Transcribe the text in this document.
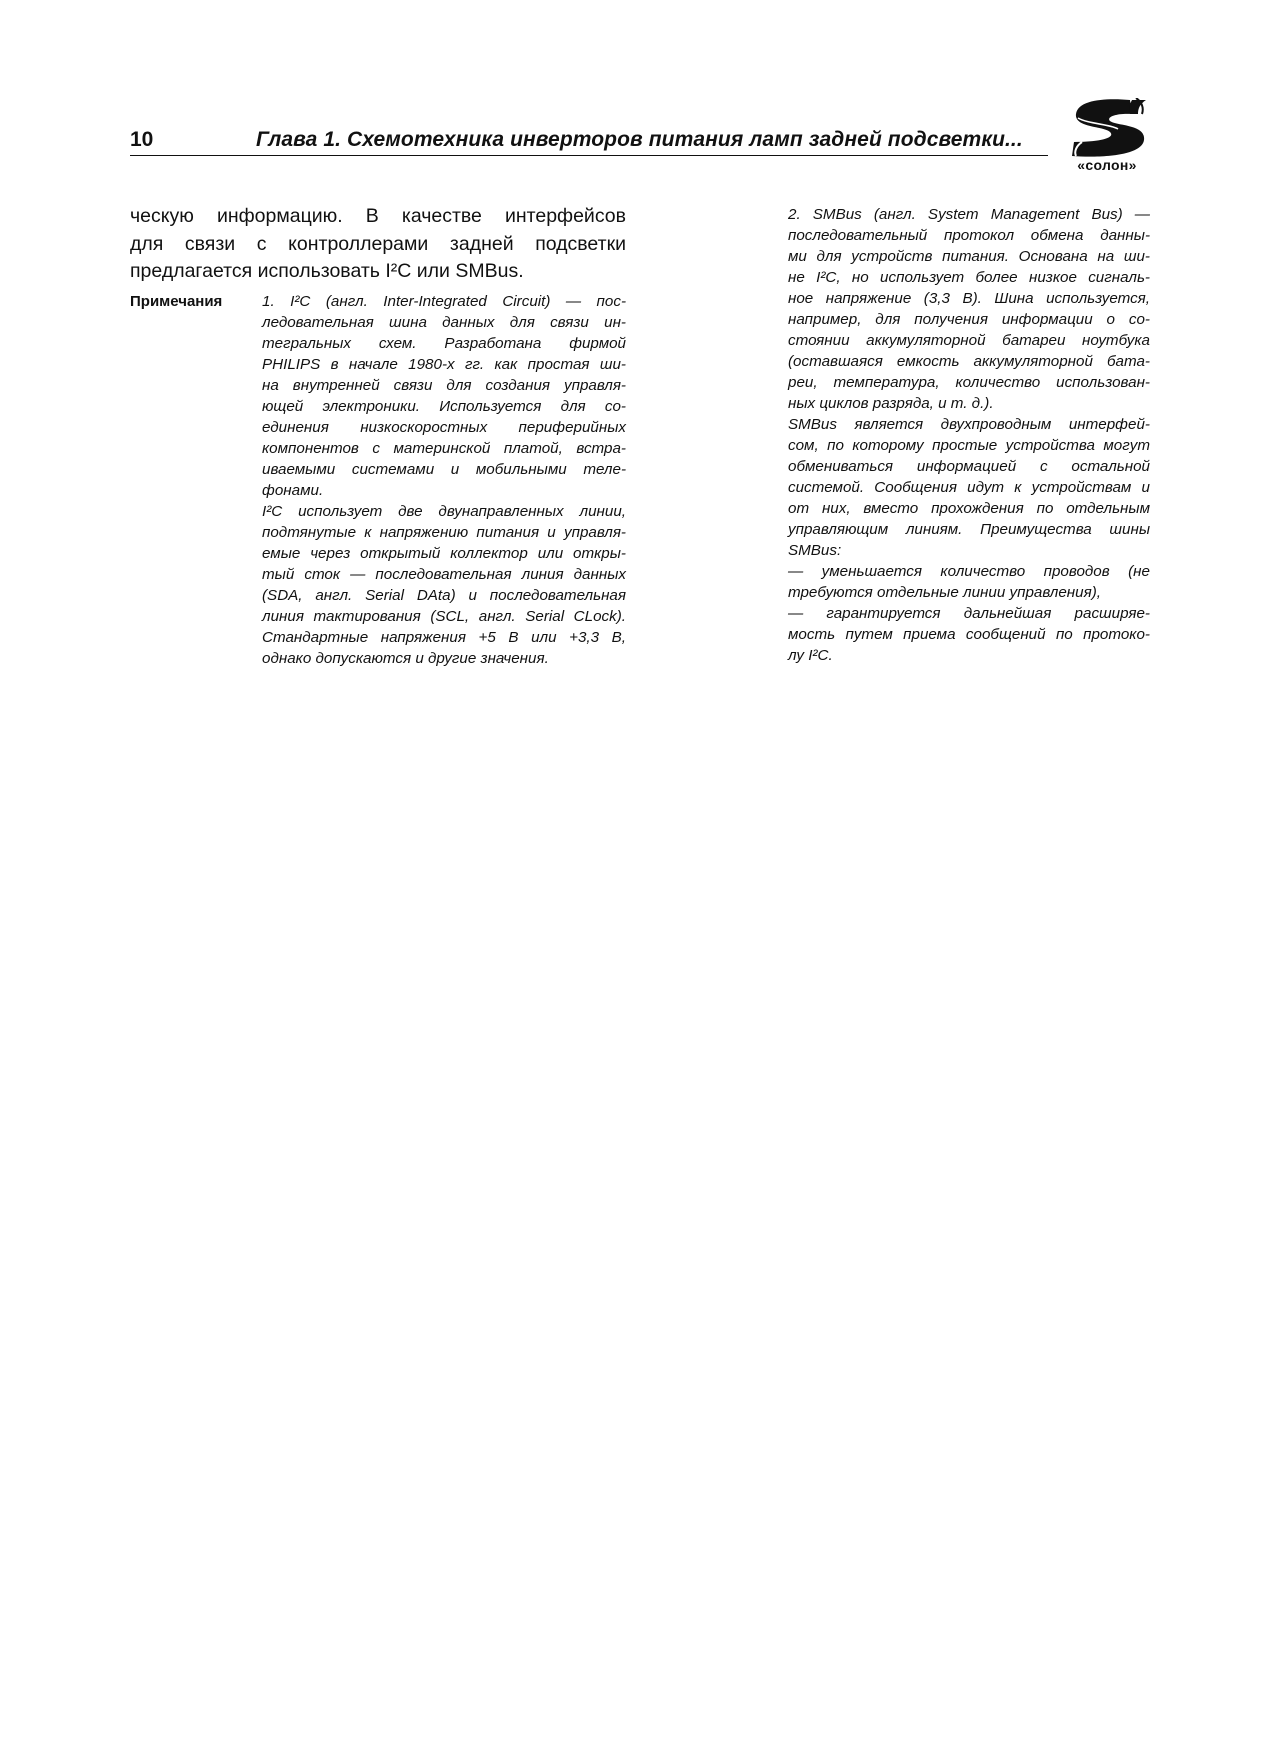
10	Глава 1. Схемотехника инверторов питания ламп задней подсветки...
«солон»
ческую информацию. В качестве интерфейсов
для связи с контроллерами задней подсветки
предлагается использовать I²C или SMBus.
Примечания	1. I²C (англ. Inter-Integrated Circuit) — пос-
ледовательная шина данных для связи ин-
тегральных схем. Разработана фирмой
PHILIPS в начале 1980-х гг. как простая ши-
на внутренней связи для создания управля-
ющей электроники. Используется для со-
единения низкоскоростных периферийных
компонентов с материнской платой, встра-
иваемыми системами и мобильными теле-
фонами.
I²C использует две двунаправленных линии,
подтянутые к напряжению питания и управля-
емые через открытый коллектор или откры-
тый сток — последовательная линия данных
(SDA, англ. Serial DAta) и последовательная
линия тактирования (SCL, англ. Serial CLock).
Стандартные напряжения +5 В или +3,3 В,
однако допускаются и другие значения.
2. SMBus (англ. System Management Bus) —
последовательный протокол обмена данны-
ми для устройств питания. Основана на ши-
не I²C, но использует более низкое сигналь-
ное напряжение (3,3 В). Шина используется,
например, для получения информации о со-
стоянии аккумуляторной батареи ноутбука
(оставшаяся емкость аккумуляторной бата-
реи, температура, количество использован-
ных циклов разряда, и т. д.).
SMBus является двухпроводным интерфей-
сом, по которому простые устройства могут
обмениваться информацией с остальной
системой. Сообщения идут к устройствам и
от них, вместо прохождения по отдельным
управляющим линиям. Преимущества шины
SMBus:
— уменьшается количество проводов (не
требуются отдельные линии управления),
— гарантируется дальнейшая расширяе-
мость путем приема сообщений по протоко-
лу I²C.
